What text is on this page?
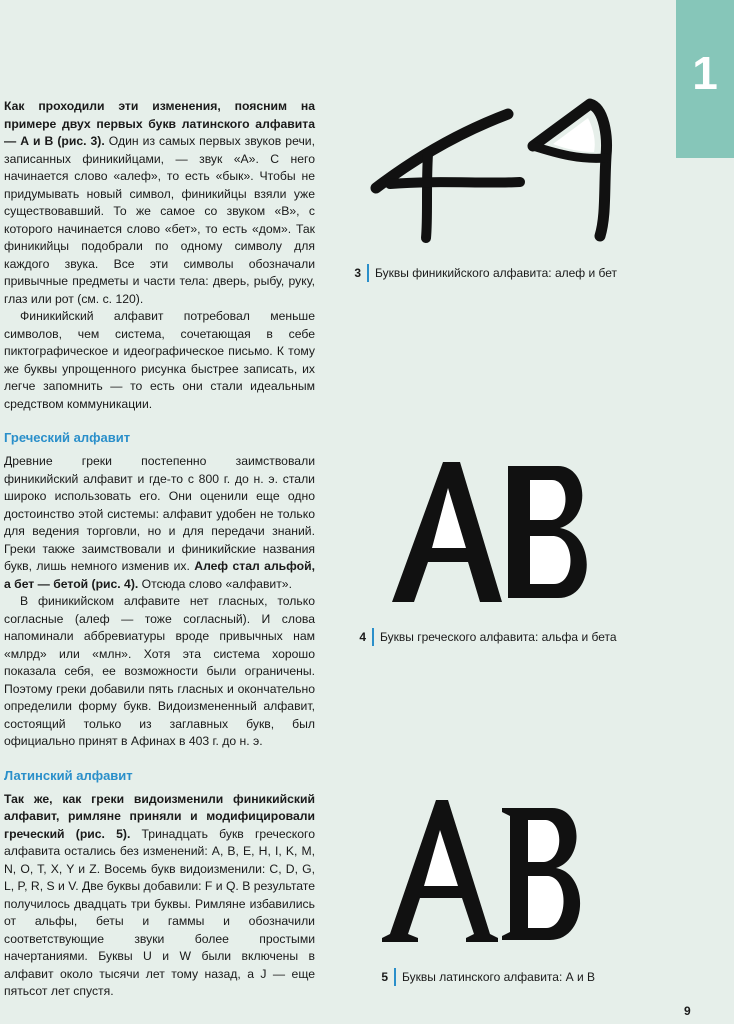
1

Как проходили эти изменения, поясним на примере двух первых букв латинского алфавита — А и В (рис. 3). Один из самых первых звуков речи, записанных финикийцами, — звук «А». С него начинается слово «алеф», то есть «бык». Чтобы не придумывать новый символ, финикийцы взяли уже существовавший. То же самое со звуком «В», с которого начинается слово «бет», то есть «дом». Так финикийцы подобрали по одному символу для каждого звука. Все эти символы обозначали привычные предметы и части тела: дверь, рыбу, руку, глаз или рот (см. с. 120).

Финикийский алфавит потребовал меньше символов, чем система, сочетающая в себе пиктографическое и идеографическое письмо. К тому же буквы упрощенного рисунка быстрее записать, их легче запомнить — то есть они стали идеальным средством коммуникации.

Греческий алфавит

Древние греки постепенно заимствовали финикийский алфавит и где-то с 800 г. до н. э. стали широко использовать его. Они оценили еще одно достоинство этой системы: алфавит удобен не только для ведения торговли, но и для передачи знаний. Греки также заимствовали и финикийские названия букв, лишь немного изменив их. Алеф стал альфой, а бет — бетой (рис. 4). Отсюда слово «алфавит».

В финикийском алфавите нет гласных, только согласные (алеф — тоже согласный). И слова напоминали аббревиатуры вроде привычных нам «млрд» или «млн». Хотя эта система хорошо показала себя, ее возможности были ограничены. Поэтому греки добавили пять гласных и окончательно определили форму букв. Видоизмененный алфавит, состоящий только из заглавных букв, был официально принят в Афинах в 403 г. до н. э.

Латинский алфавит

Так же, как греки видоизменили финикийский алфавит, римляне приняли и модифицировали греческий (рис. 5). Тринадцать букв греческого алфавита остались без изменений: A, B, E, H, I, K, M, N, O, T, X, Y и Z. Восемь букв видоизменили: C, D, G, L, P, R, S и V. Две буквы добавили: F и Q. В результате получилось двадцать три буквы. Римляне избавились от альфы, беты и гаммы и обозначили соответствующие звуки более простыми начертаниями. Буквы U и W были включены в алфавит около тысячи лет тому назад, а J — еще пятьсот лет спустя.

3 Буквы финикийского алфавита: алеф и бет
4 Буквы греческого алфавита: альфа и бета
5 Буквы латинского алфавита: А и В
9
